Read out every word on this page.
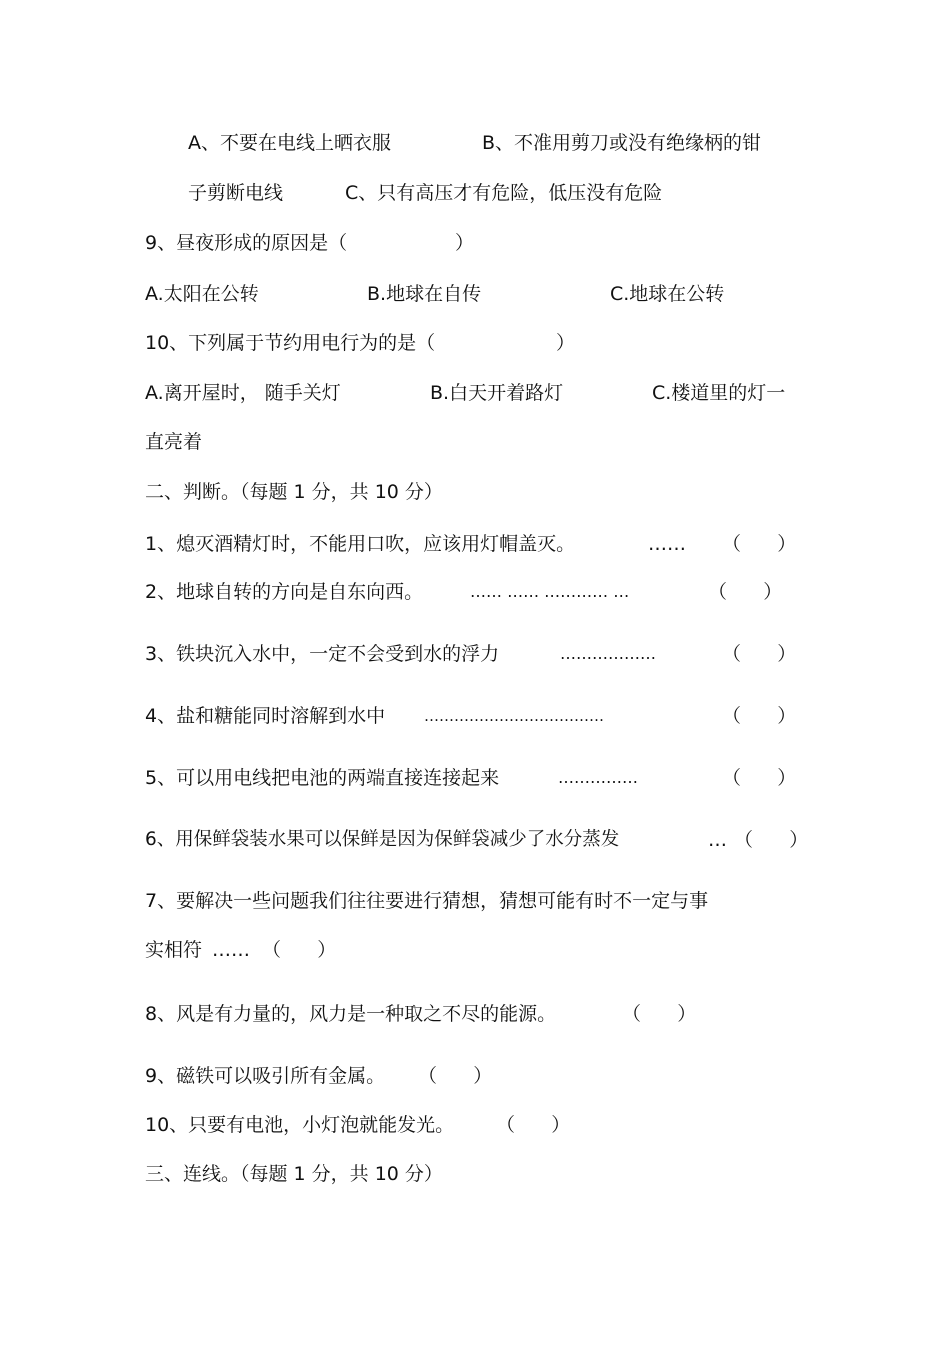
A、不要在电线上晒衣服	B、不准用剪刀或没有绝缘柄的钳
子剪断电线	C、只有高压才有危险，低压没有危险
9、昼夜形成的原因是（	）
A.太阳在公转	B.地球在自传	C.地球在公转
10、下列属于节约用电行为的是（	）
A.离开屋时， 随手关灯	B.白天开着路灯	C.楼道里的灯一
直亮着
二、判断。（每题 1 分，共 10 分）
1、熄灭酒精灯时，不能用口吹，应该用灯帽盖灭。	…… （      ）
2、地球自转的方向是自东向西。	…… …… ………… …	（      ）
3、铁块沉入水中，一定不会受到水的浮力	………………	（      ）
4、盐和糖能同时溶解到水中	………………………………	（      ）
5、可以用电线把电池的两端直接连接起来	……………	（      ）
6、用保鲜袋装水果可以保鲜是因为保鲜袋减少了水分蒸发	… （      ）
7、要解决一些问题我们往往要进行猜想，猜想可能有时不一定与事
实相符 …… （      ）
8、风是有力量的，风力是一种取之不尽的能源。	（      ）
9、磁铁可以吸引所有金属。 （      ）
10、只要有电池，小灯泡就能发光。 （      ）
三、连线。（每题 1 分，共 10 分）
